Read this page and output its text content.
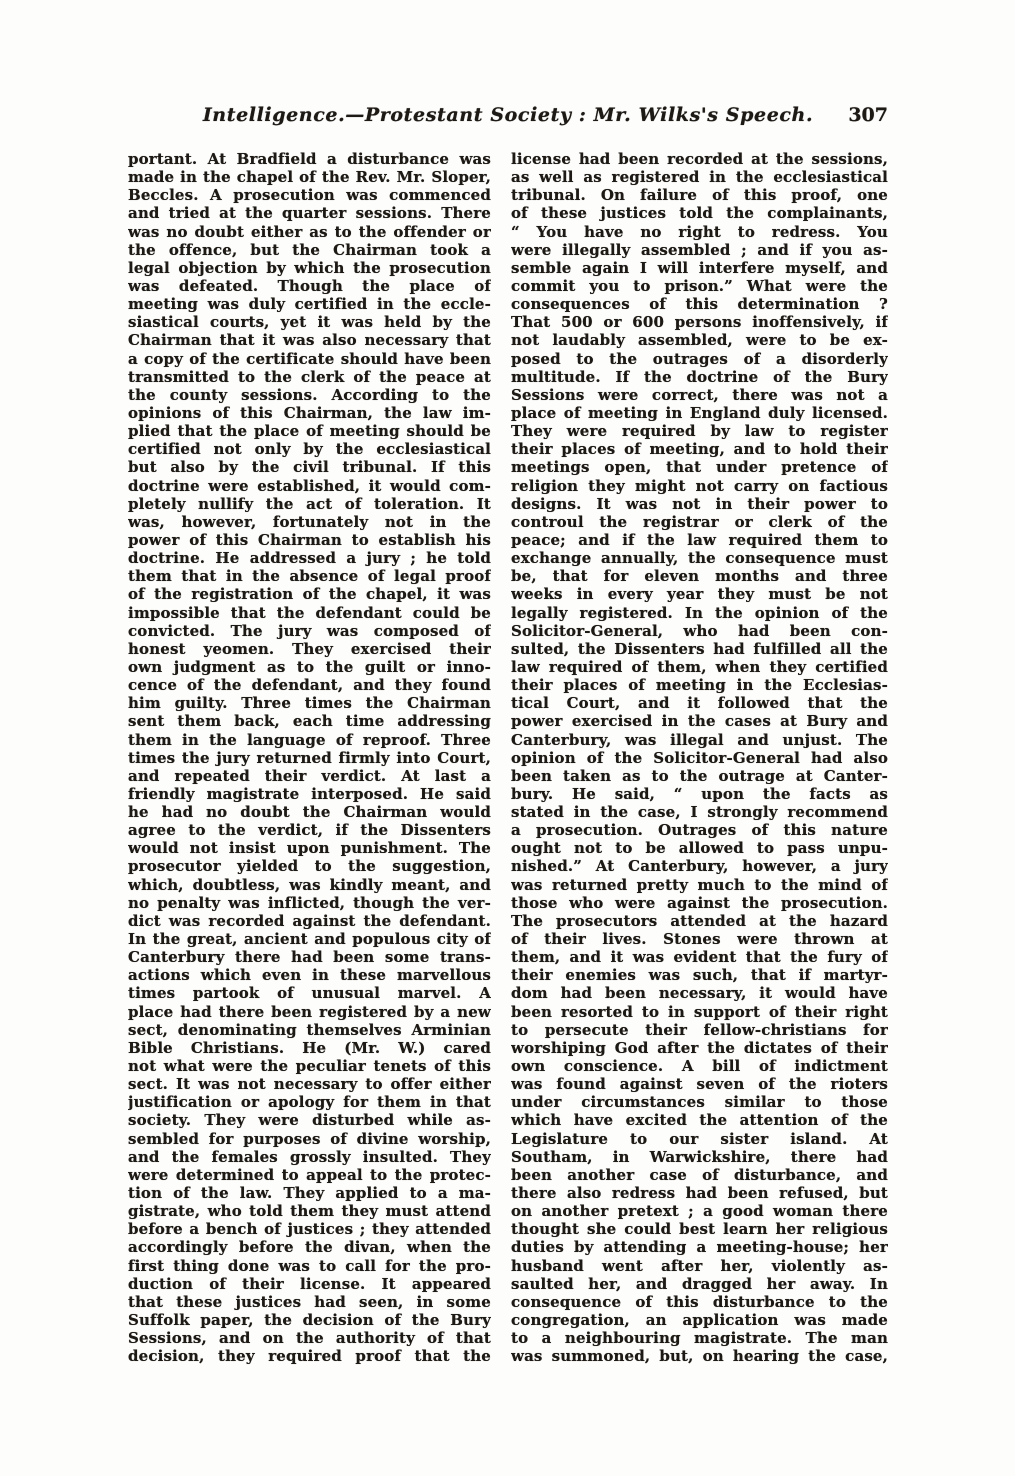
Intelligence.—Protestant Society : Mr. Wilks's Speech.	307
portant. At Bradfield a disturbance was
made in the chapel of the Rev. Mr. Sloper,
Beccles. A prosecution was commenced
and tried at the quarter sessions. There
was no doubt either as to the offender or
the offence, but the Chairman took a
legal objection by which the prosecution
was defeated. Though the place of
meeting was duly certified in the eccle-
siastical courts, yet it was held by the
Chairman that it was also necessary that
a copy of the certificate should have been
transmitted to the clerk of the peace at
the county sessions. According to the
opinions of this Chairman, the law im-
plied that the place of meeting should be
certified not only by the ecclesiastical
but also by the civil tribunal. If this
doctrine were established, it would com-
pletely nullify the act of toleration. It
was, however, fortunately not in the
power of this Chairman to establish his
doctrine. He addressed a jury ; he told
them that in the absence of legal proof
of the registration of the chapel, it was
impossible that the defendant could be
convicted. The jury was composed of
honest yeomen. They exercised their
own judgment as to the guilt or inno-
cence of the defendant, and they found
him guilty. Three times the Chairman
sent them back, each time addressing
them in the language of reproof. Three
times the jury returned firmly into Court,
and repeated their verdict. At last a
friendly magistrate interposed. He said
he had no doubt the Chairman would
agree to the verdict, if the Dissenters
would not insist upon punishment. The
prosecutor yielded to the suggestion,
which, doubtless, was kindly meant, and
no penalty was inflicted, though the ver-
dict was recorded against the defendant.
In the great, ancient and populous city of
Canterbury there had been some trans-
actions which even in these marvellous
times partook of unusual marvel. A
place had there been registered by a new
sect, denominating themselves Arminian
Bible Christians. He (Mr. W.) cared
not what were the peculiar tenets of this
sect. It was not necessary to offer either
justification or apology for them in that
society. They were disturbed while as-
sembled for purposes of divine worship,
and the females grossly insulted. They
were determined to appeal to the protec-
tion of the law. They applied to a ma-
gistrate, who told them they must attend
before a bench of justices ; they attended
accordingly before the divan, when the
first thing done was to call for the pro-
duction of their license. It appeared
that these justices had seen, in some
Suffolk paper, the decision of the Bury
Sessions, and on the authority of that
decision, they required proof that the
license had been recorded at the sessions,
as well as registered in the ecclesiastical
tribunal. On failure of this proof, one
of these justices told the complainants,
“ You have no right to redress. You
were illegally assembled ; and if you as-
semble again I will interfere myself, and
commit you to prison.” What were the
consequences of this determination ?
That 500 or 600 persons inoffensively, if
not laudably assembled, were to be ex-
posed to the outrages of a disorderly
multitude. If the doctrine of the Bury
Sessions were correct, there was not a
place of meeting in England duly licensed.
They were required by law to register
their places of meeting, and to hold their
meetings open, that under pretence of
religion they might not carry on factious
designs. It was not in their power to
controul the registrar or clerk of the
peace; and if the law required them to
exchange annually, the consequence must
be, that for eleven months and three
weeks in every year they must be not
legally registered. In the opinion of the
Solicitor-General, who had been con-
sulted, the Dissenters had fulfilled all the
law required of them, when they certified
their places of meeting in the Ecclesias-
tical Court, and it followed that the
power exercised in the cases at Bury and
Canterbury, was illegal and unjust. The
opinion of the Solicitor-General had also
been taken as to the outrage at Canter-
bury. He said, “ upon the facts as
stated in the case, I strongly recommend
a prosecution. Outrages of this nature
ought not to be allowed to pass unpu-
nished.” At Canterbury, however, a jury
was returned pretty much to the mind of
those who were against the prosecution.
The prosecutors attended at the hazard
of their lives. Stones were thrown at
them, and it was evident that the fury of
their enemies was such, that if martyr-
dom had been necessary, it would have
been resorted to in support of their right
to persecute their fellow-christians for
worshiping God after the dictates of their
own conscience. A bill of indictment
was found against seven of the rioters
under circumstances similar to those
which have excited the attention of the
Legislature to our sister island. At
Southam, in Warwickshire, there had
been another case of disturbance, and
there also redress had been refused, but
on another pretext ; a good woman there
thought she could best learn her religious
duties by attending a meeting-house; her
husband went after her, violently as-
saulted her, and dragged her away. In
consequence of this disturbance to the
congregation, an application was made
to a neighbouring magistrate. The man
was summoned, but, on hearing the case,
